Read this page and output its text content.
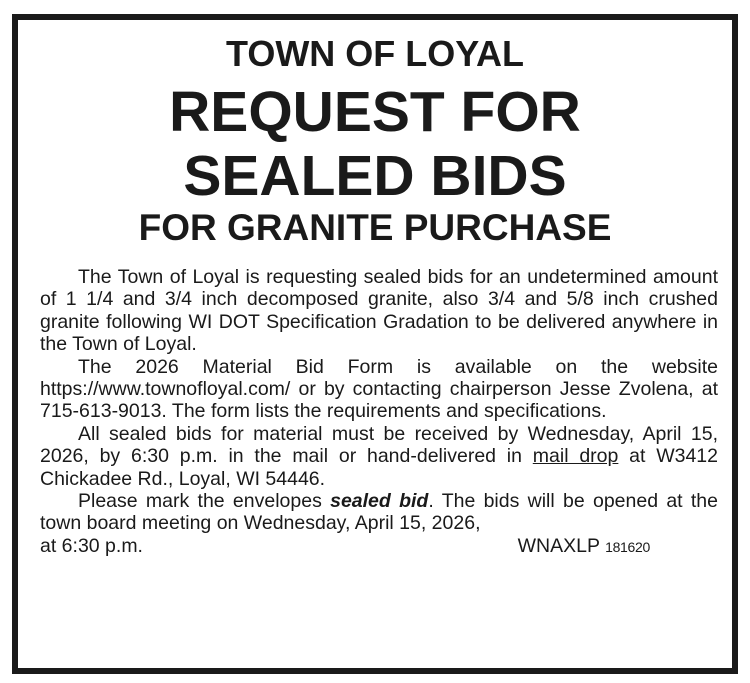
TOWN OF LOYAL
REQUEST FOR
SEALED BIDS
FOR GRANITE PURCHASE

The Town of Loyal is requesting sealed bids for an undetermined amount of 1 1/4 and 3/4 inch decomposed granite, also 3/4 and 5/8 inch crushed granite following WI DOT Specification Gradation to be delivered anywhere in the Town of Loyal.

The 2026 Material Bid Form is available on the website https://www.townofloyal.com/ or by contacting chairperson Jesse Zvolena, at 715-613-9013. The form lists the requirements and specifications.

All sealed bids for material must be received by Wednesday, April 15, 2026, by 6:30 p.m. in the mail or hand-delivered in mail drop at W3412 Chickadee Rd., Loyal, WI 54446.

Please mark the envelopes sealed bid. The bids will be opened at the town board meeting on Wednesday, April 15, 2026,

at 6:30 p.m.	WNAXLP 181620
